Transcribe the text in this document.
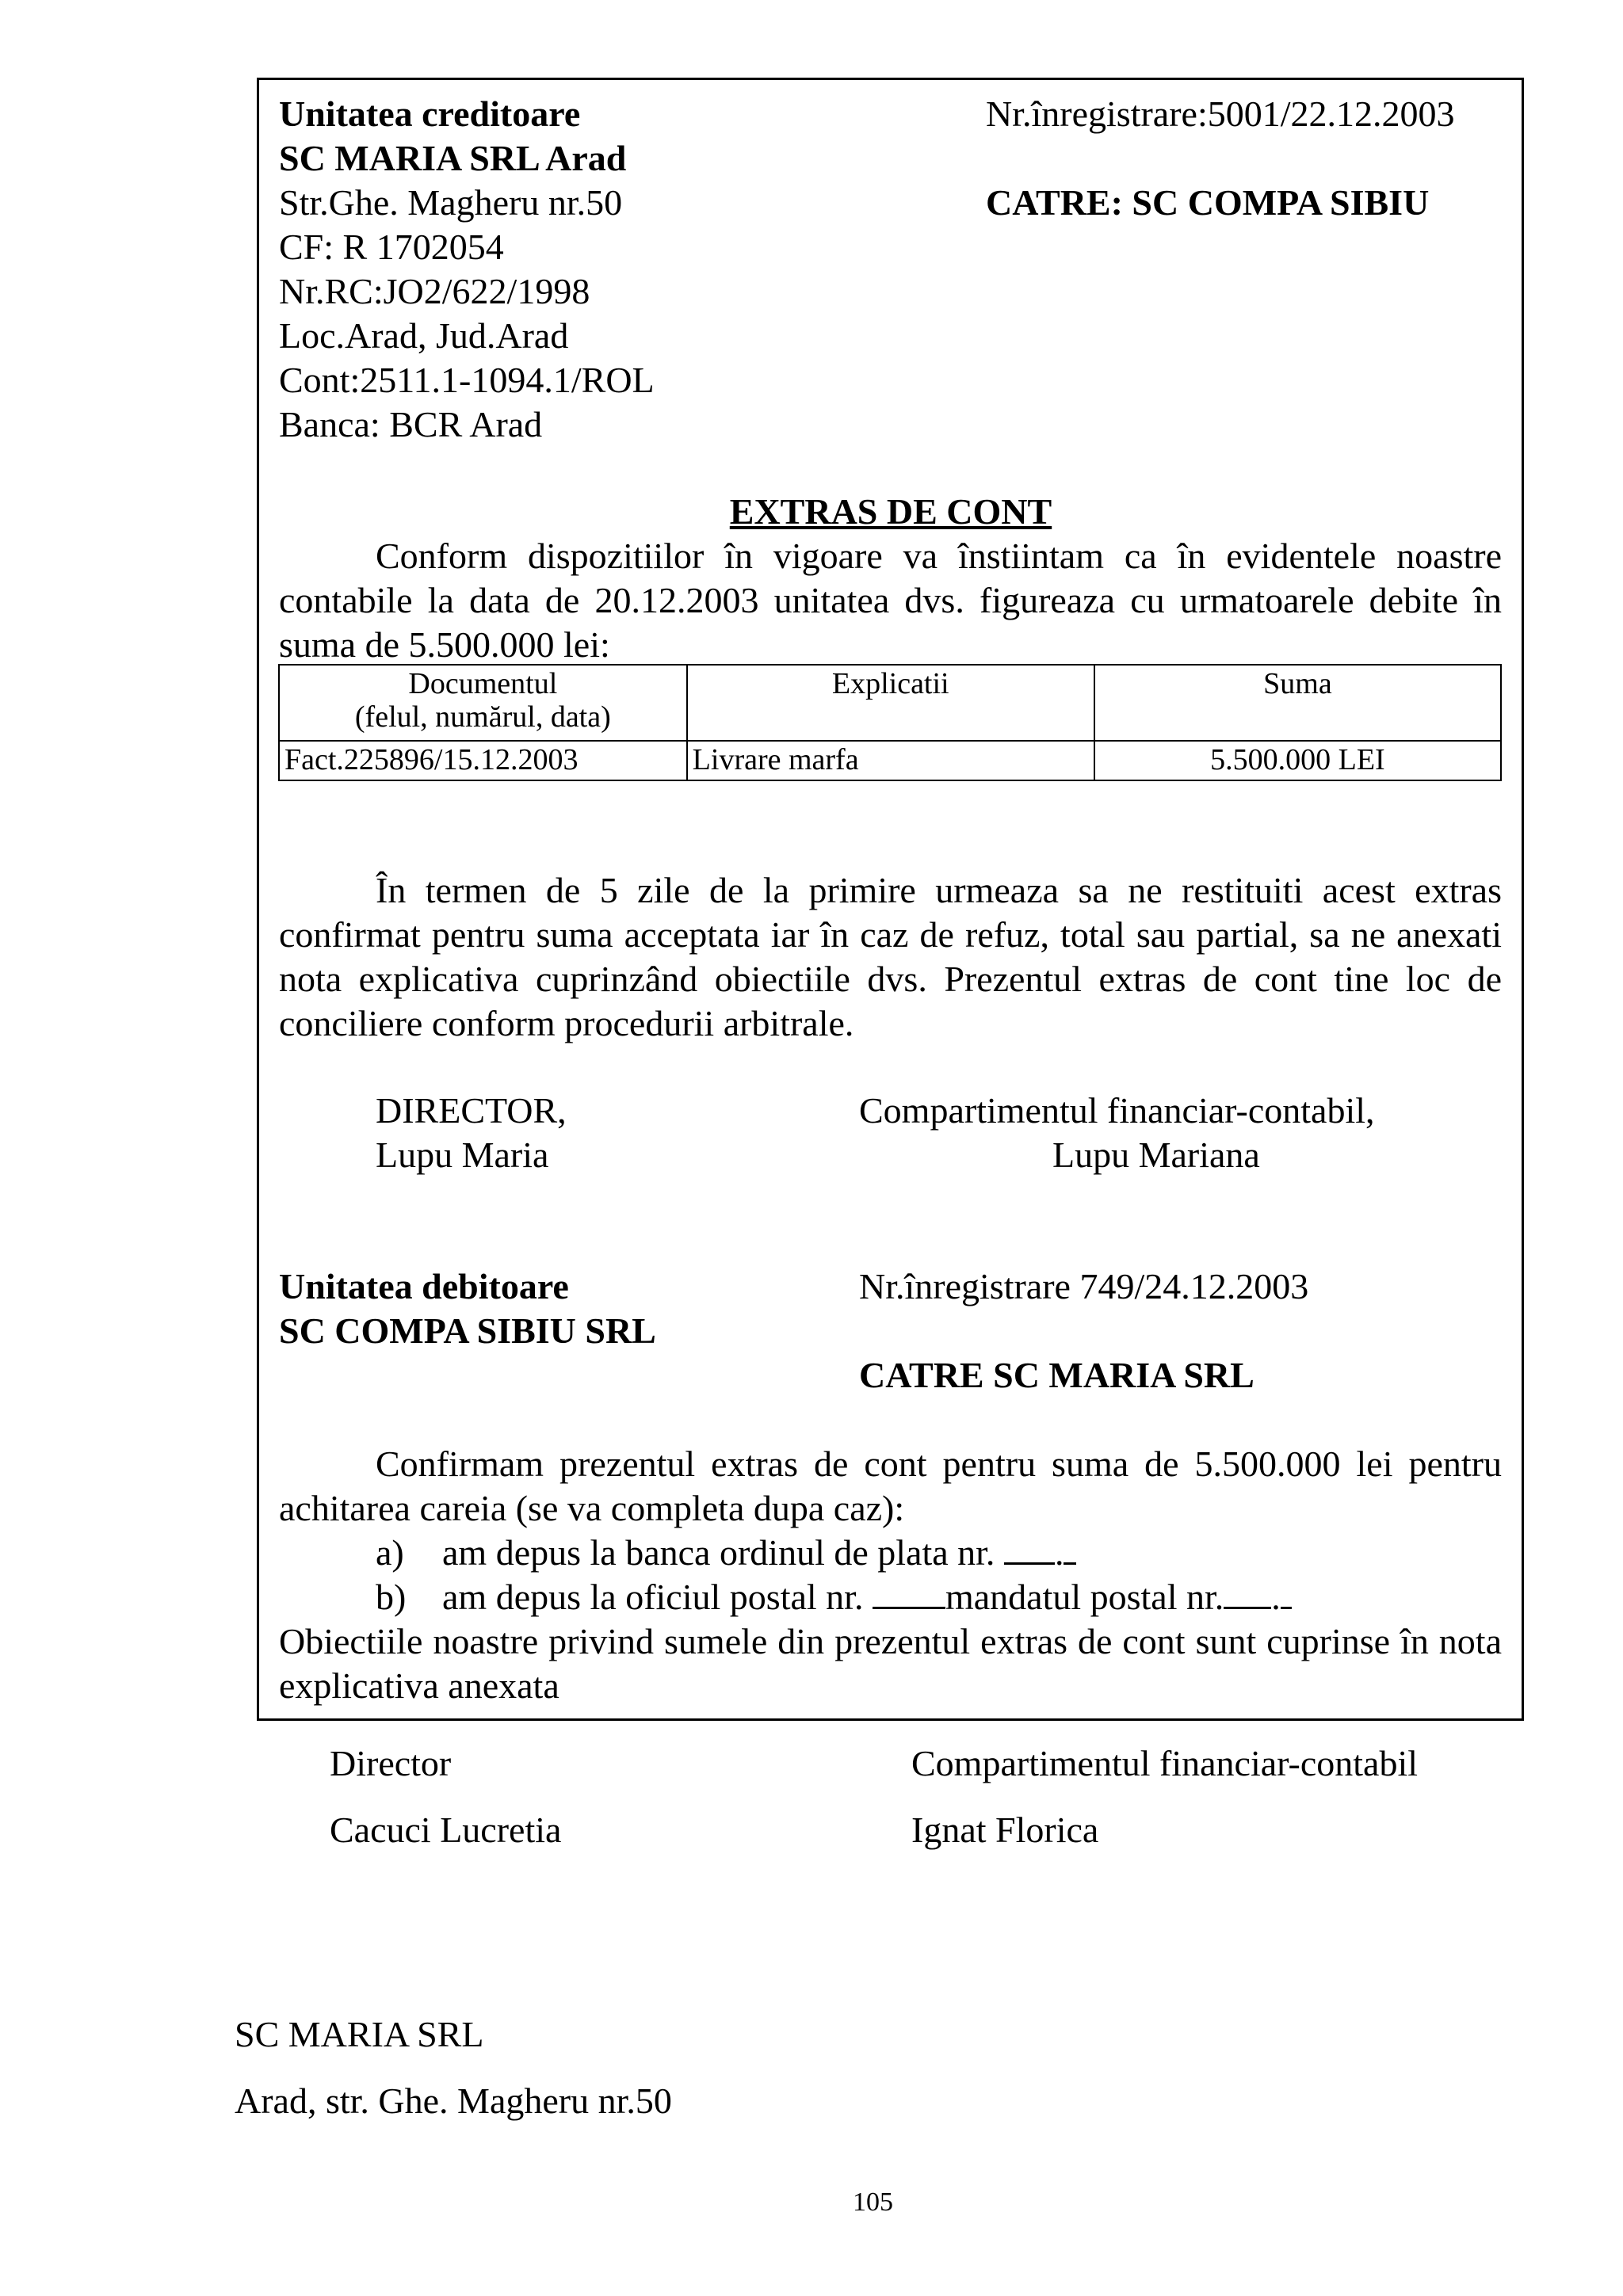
Unitatea creditoare
SC MARIA SRL Arad
Str.Ghe. Magheru nr.50
CF: R 1702054
Nr.RC:JO2/622/1998
Loc.Arad, Jud.Arad
Cont:2511.1-1094.1/ROL
Banca: BCR Arad
Nr.înregistrare:5001/22.12.2003
CATRE: SC COMPA SIBIU
EXTRAS DE CONT
Conform dispozitiilor în vigoare va înstiintam ca în evidentele noastre contabile la data de 20.12.2003 unitatea dvs. figureaza cu urmatoarele debite în suma de 5.500.000 lei:
Documentul
(felul, numărul, data)	Explicatii	Suma

Fact.225896/15.12.2003	Livrare marfa	5.500.000 LEI
În termen de 5 zile de la primire urmeaza sa ne restituiti acest extras confirmat pentru suma acceptata iar în caz de refuz, total sau partial, sa ne anexati nota explicativa cuprinzând obiectiile dvs. Prezentul extras de cont tine loc de conciliere conform procedurii arbitrale.
DIRECTOR,
Lupu Maria
Compartimentul financiar-contabil,
Lupu Mariana
Unitatea debitoare
SC COMPA SIBIU SRL
Nr.înregistrare 749/24.12.2003
CATRE SC MARIA SRL
Confirmam prezentul extras de cont pentru suma de 5.500.000 lei pentru achitarea careia (se va completa dupa caz):
a) am depus la banca ordinul de plata nr. .
b) am depus la oficiul postal nr. mandatul postal nr. .
Obiectiile noastre privind sumele din prezentul extras de cont sunt cuprinse în nota explicativa anexata
Director
Cacuci Lucretia
Compartimentul financiar-contabil
Ignat Florica
SC MARIA SRL
Arad, str. Ghe. Magheru nr.50
105
